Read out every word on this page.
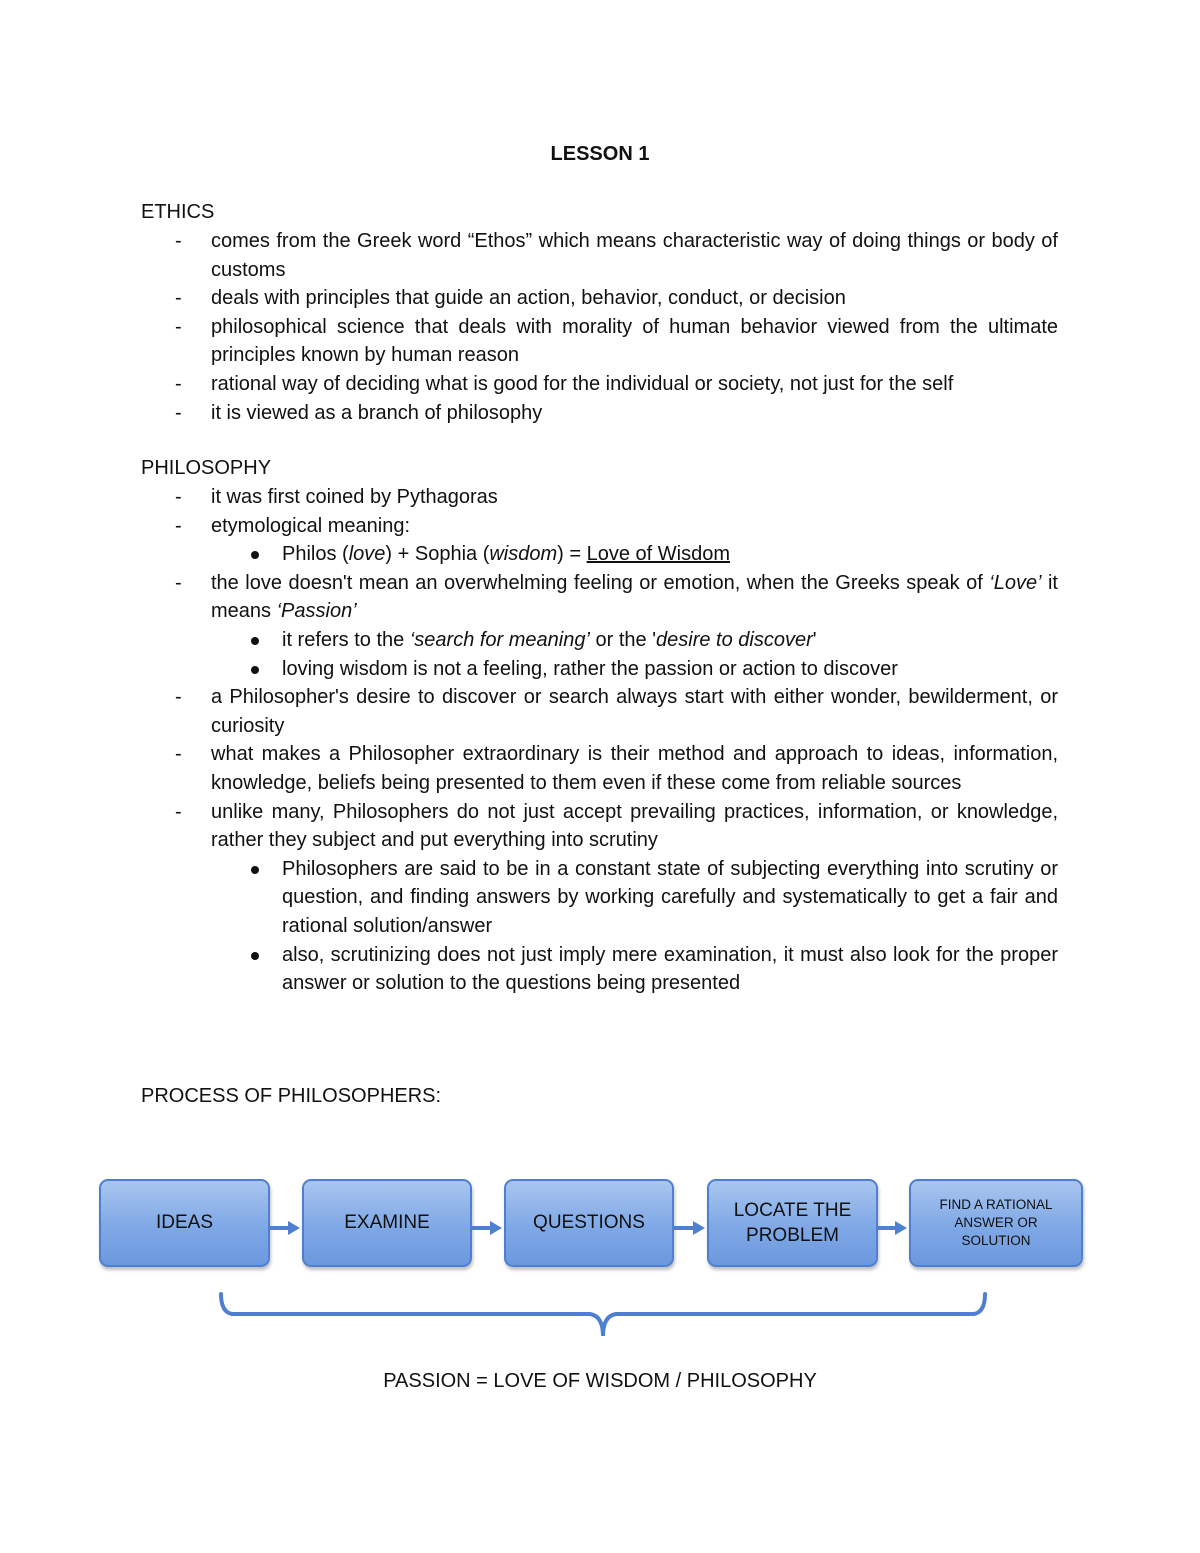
LESSON 1
ETHICS
- comes from the Greek word “Ethos” which means characteristic way of doing things or body of customs
- deals with principles that guide an action, behavior, conduct, or decision
- philosophical science that deals with morality of human behavior viewed from the ultimate principles known by human reason
- rational way of deciding what is good for the individual or society, not just for the self
- it is viewed as a branch of philosophy
PHILOSOPHY
- it was first coined by Pythagoras
- etymological meaning:
Philos (love) + Sophia (wisdom) = Love of Wisdom
- the love doesn't mean an overwhelming feeling or emotion, when the Greeks speak of ‘Love’ it means ‘Passion’
it refers to the ‘search for meaning’ or the 'desire to discover'
loving wisdom is not a feeling, rather the passion or action to discover
- a Philosopher's desire to discover or search always start with either wonder, bewilderment, or curiosity
- what makes a Philosopher extraordinary is their method and approach to ideas, information, knowledge, beliefs being presented to them even if these come from reliable sources
- unlike many, Philosophers do not just accept prevailing practices, information, or knowledge, rather they subject and put everything into scrutiny
Philosophers are said to be in a constant state of subjecting everything into scrutiny or question, and finding answers by working carefully and systematically to get a fair and rational solution/answer
also, scrutinizing does not just imply mere examination, it must also look for the proper answer or solution to the questions being presented
PROCESS OF PHILOSOPHERS:
IDEAS	EXAMINE	QUESTIONS
LOCATE THE
PROBLEM
FIND A RATIONAL
ANSWER OR
SOLUTION
PASSION = LOVE OF WISDOM / PHILOSOPHY
